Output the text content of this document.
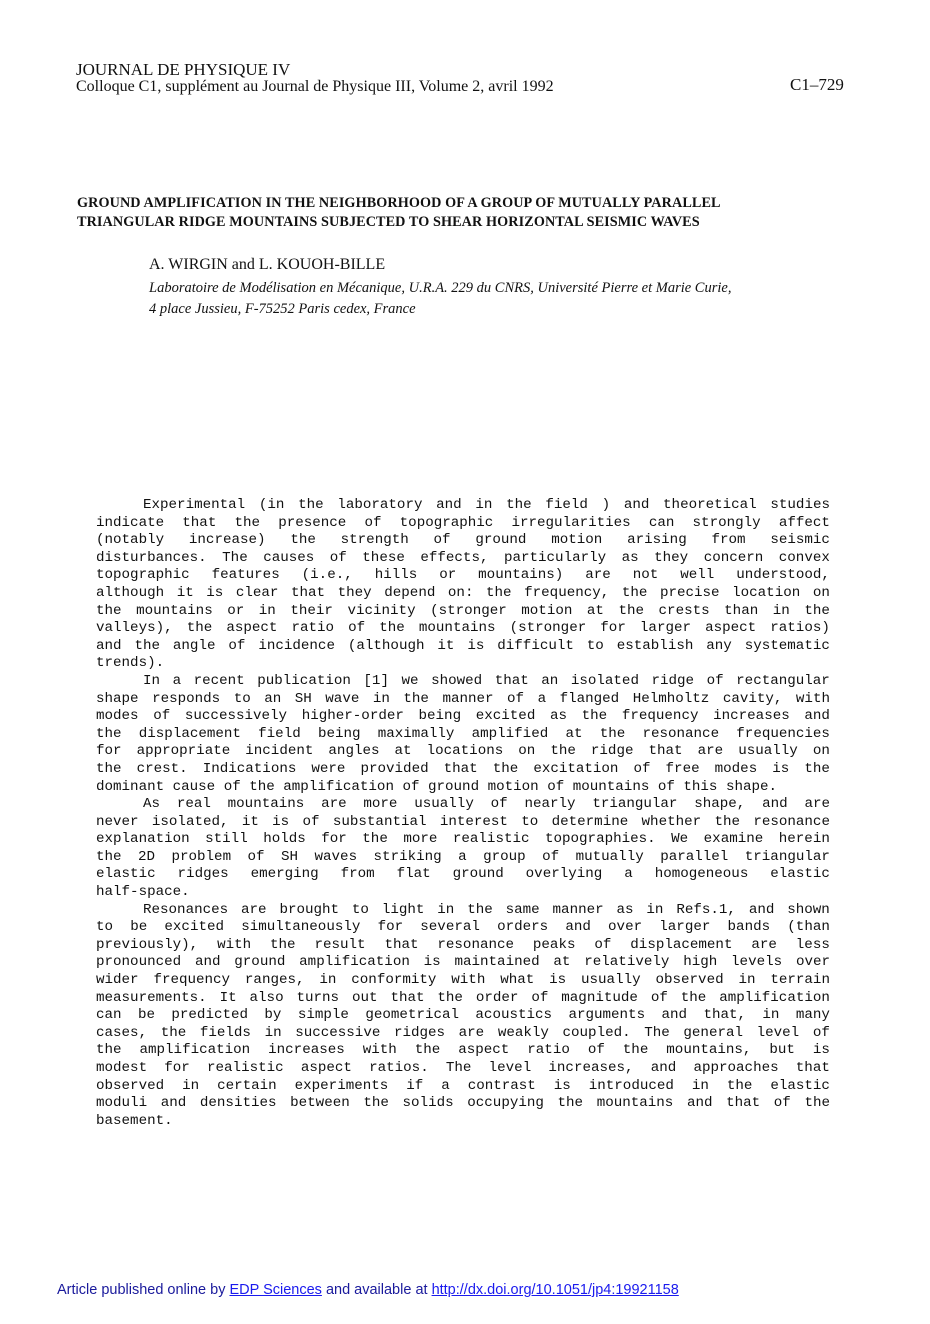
JOURNAL DE PHYSIQUE IV
Colloque C1, supplément au Journal de Physique III, Volume 2, avril 1992	C1–729
GROUND AMPLIFICATION IN THE NEIGHBORHOOD OF A GROUP OF MUTUALLY PARALLEL
TRIANGULAR RIDGE MOUNTAINS SUBJECTED TO SHEAR HORIZONTAL SEISMIC WAVES
A. WIRGIN and L. KOUOH-BILLE
Laboratoire de Modélisation en Mécanique, U.R.A. 229 du CNRS, Université Pierre et Marie Curie,
4 place Jussieu, F-75252 Paris cedex, France
Experimental (in the laboratory and in the field ) and theoretical studies
indicate that the presence of topographic irregularities can strongly affect
(notably increase) the strength of ground motion arising from seismic
disturbances. The causes of these effects, particularly as they concern convex
topographic features (i.e., hills or mountains) are not well understood,
although it is clear that they depend on: the frequency, the precise location on
the mountains or in their vicinity (stronger motion at the crests than in the
valleys), the aspect ratio of the mountains (stronger for larger aspect ratios)
and the angle of incidence (although it is difficult to establish any systematic
trends).
In a recent publication [1] we showed that an isolated ridge of rectangular
shape responds to an SH wave in the manner of a flanged Helmholtz cavity, with
modes of successively higher-order being excited as the frequency increases and
the displacement field being maximally amplified at the resonance frequencies
for appropriate incident angles at locations on the ridge that are usually on
the crest. Indications were provided that the excitation of free modes is the
dominant cause of the amplification of ground motion of mountains of this shape.
As real mountains are more usually of nearly triangular shape, and are
never isolated, it is of substantial interest to determine whether the resonance
explanation still holds for the more realistic topographies. We examine herein
the 2D problem of SH waves striking a group of mutually parallel triangular
elastic ridges emerging from flat ground overlying a homogeneous elastic
half-space.
Resonances are brought to light in the same manner as in Refs.1, and shown
to be excited simultaneously for several orders and over larger bands (than
previously), with the result that resonance peaks of displacement are less
pronounced and ground amplification is maintained at relatively high levels over
wider frequency ranges, in conformity with what is usually observed in terrain
measurements. It also turns out that the order of magnitude of the amplification
can be predicted by simple geometrical acoustics arguments and that, in many
cases, the fields in successive ridges are weakly coupled. The general level of
the amplification increases with the aspect ratio of the mountains, but is
modest for realistic aspect ratios. The level increases, and approaches that
observed in certain experiments if a contrast is introduced in the elastic
moduli and densities between the solids occupying the mountains and that of the
basement.
Article published online by EDP Sciences and available at http://dx.doi.org/10.1051/jp4:19921158
